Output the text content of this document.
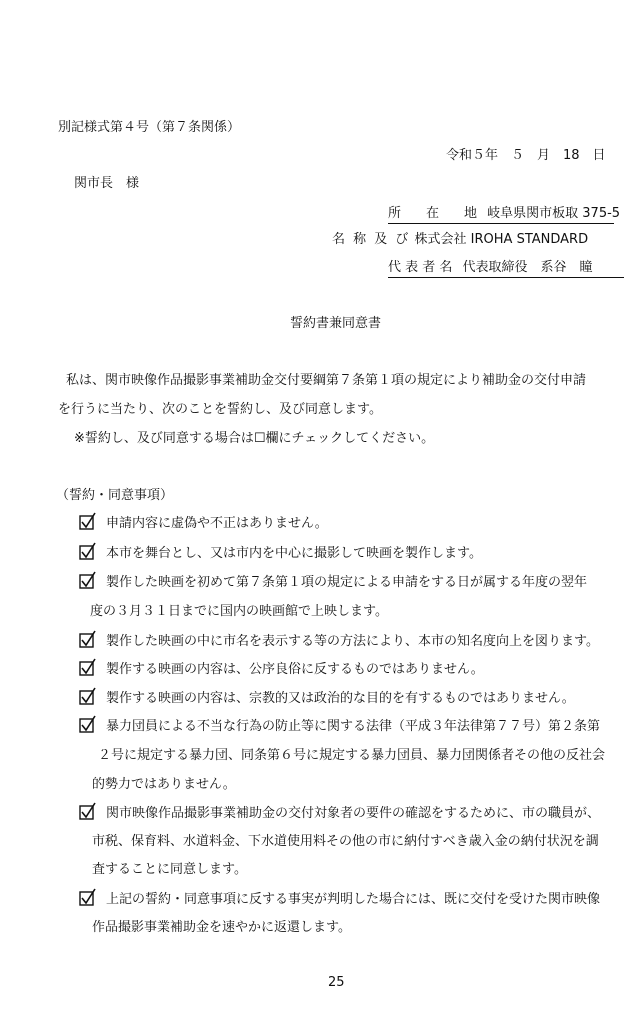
別記様式第４号（第７条関係）
令和５年　５　月　18　日
関市長　様
所　在　地 岐阜県関市板取 375-5
名 称 及 び 株式会社 IROHA STANDARD
代 表 者 名 代表取締役　系谷　瞳
誓約書兼同意書
私は、関市映像作品撮影事業補助金交付要綱第７条第１項の規定により補助金の交付申請
を行うに当たり、次のことを誓約し、及び同意します。
※誓約し、及び同意する場合は☐欄にチェックしてください。
（誓約・同意事項）
申請内容に虚偽や不正はありません。
本市を舞台とし、又は市内を中心に撮影して映画を製作します。
製作した映画を初めて第７条第１項の規定による申請をする日が属する年度の翌年
度の３月３１日までに国内の映画館で上映します。
製作した映画の中に市名を表示する等の方法により、本市の知名度向上を図ります。
製作する映画の内容は、公序良俗に反するものではありません。
製作する映画の内容は、宗教的又は政治的な目的を有するものではありません。
暴力団員による不当な行為の防止等に関する法律（平成３年法律第７７号）第２条第
２号に規定する暴力団、同条第６号に規定する暴力団員、暴力団関係者その他の反社会
的勢力ではありません。
関市映像作品撮影事業補助金の交付対象者の要件の確認をするために、市の職員が、
市税、保育料、水道料金、下水道使用料その他の市に納付すべき歳入金の納付状況を調
査することに同意します。
上記の誓約・同意事項に反する事実が判明した場合には、既に交付を受けた関市映像
作品撮影事業補助金を速やかに返還します。
25
